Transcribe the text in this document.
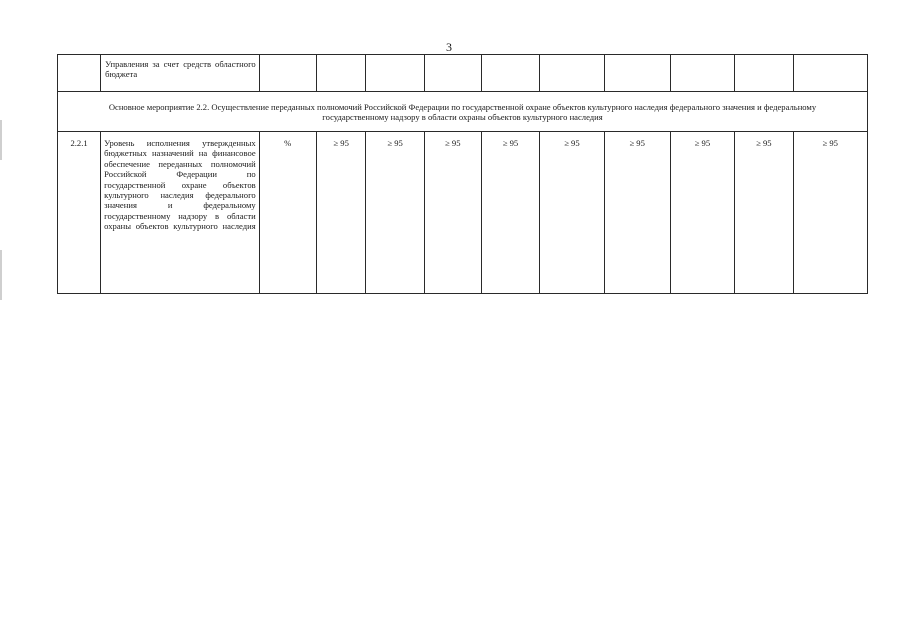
3
	Управления за счет средств областного бюджета										
Основное мероприятие 2.2. Осуществление переданных полномочий Российской Федерации по государственной охране объектов культурного наследия федерального значения и федеральному государственному надзору в области охраны объектов культурного наследия											
2.2.1	Уровень исполнения утвержденных бюджетных назначений на финансовое обеспечение переданных полномочий Российской Федерации по государственной охране объектов культурного наследия федерального значения и федеральному государственному надзору в области охраны объектов культурного наследия	%	≥ 95	≥ 95	≥ 95	≥ 95	≥ 95	≥ 95	≥ 95	≥ 95	≥ 95
